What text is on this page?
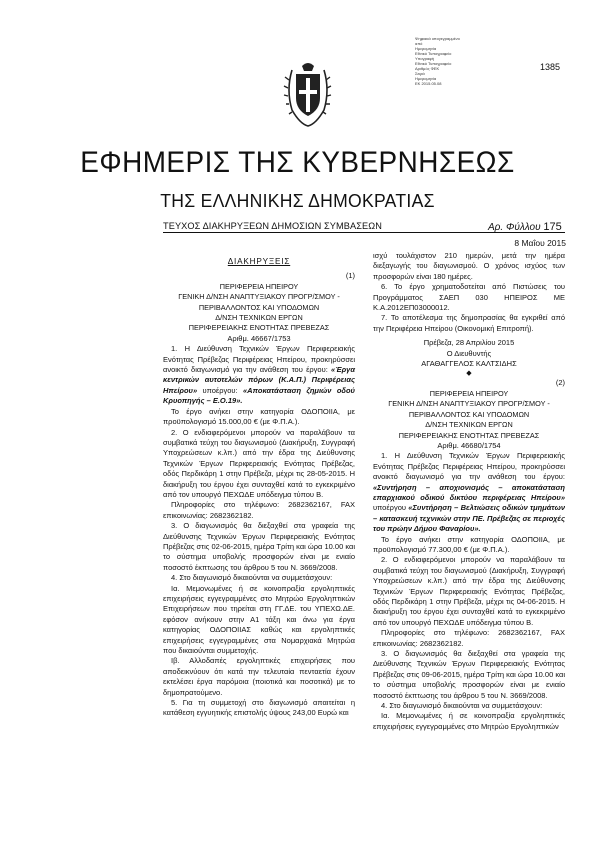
Ψηφιακά υπογεγραμμένο
από
Ημερομηνία
Εθνικό Τυπογραφείο
Υπογραφή
Εθνικό Τυπογραφείο
Αριθμός ΦΕΚ
Σειρά
Ημερομηνία
ΕΚ 2015.05.08
1385
ΕΦΗΜΕΡΙΣ ΤΗΣ ΚΥΒΕΡΝΗΣΕΩΣ
ΤΗΣ ΕΛΛΗΝΙΚΗΣ ΔΗΜΟΚΡΑΤΙΑΣ
ΤΕΥΧΟΣ ΔΙΑΚΗΡΥΞΕΩΝ ΔΗΜΟΣΙΩΝ ΣΥΜΒΑΣΕΩΝ	Αρ. Φύλλου 175
8 Μαΐου 2015

ΔΙΑΚΗΡΥΞΕΙΣ

(1)

ΠΕΡΙΦΕΡΕΙΑ ΗΠΕΙΡΟΥ

ΓΕΝΙΚΗ Δ/ΝΣΗ ΑΝΑΠΤΥΞΙΑΚΟΥ ΠΡΟΓΡ/ΣΜΟΥ -

ΠΕΡΙΒΑΛΛΟΝΤΟΣ ΚΑΙ ΥΠΟΔΟΜΩΝ

Δ/ΝΣΗ ΤΕΧΝΙΚΩΝ ΕΡΓΩΝ

ΠΕΡΙΦΕΡΕΙΑΚΗΣ ΕΝΟΤΗΤΑΣ ΠΡΕΒΕΖΑΣ

Αριθμ. 46667/1753

1. Η Διεύθυνση Τεχνικών Έργων Περιφερειακής Ενότητας Πρέβεζας Περιφέρειας Ηπείρου, προκηρύσσει ανοικτό διαγωνισμό για την ανάθεση του έργου: «Έργα κεντρικών αυτοτελών πόρων (Κ.Α.Π.) Περιφέρειας Ηπείρου» υποέργου: «Αποκατάσταση ζημιών οδού Κρυοπηγής – Ε.Ο.19».

Το έργο ανήκει στην κατηγορία ΟΔΟΠΟΙΙΑ, με προϋπολογισμό 15.000,00 € (με Φ.Π.Α.).

2. Ο ενδιαφερόμενοι μπορούν να παραλάβουν τα συμβατικά τεύχη του διαγωνισμού (Διακήρυξη, Συγγραφή Υποχρεώσεων κ.λπ.) από την έδρα της Διεύθυνσης Τεχνικών Έργων Περιφερειακής Ενότητας Πρέβεζας, οδός Περδικάρη 1 στην Πρέβεζα, μέχρι τις 28-05-2015. Η διακήρυξη του έργου έχει συνταχθεί κατά το εγκεκριμένο από τον υπουργό ΠΕΧΩΔΕ υπόδειγμα τύπου Β.

Πληροφορίες στο τηλέφωνο: 2682362167, FAX επικοινωνίας: 2682362182.

3. Ο διαγωνισμός θα διεξαχθεί στα γραφεία της Διεύθυνσης Τεχνικών Έργων Περιφερειακής Ενότητας Πρέβεζας στις 02-06-2015, ημέρα Τρίτη και ώρα 10.00 και το σύστημα υποβολής προσφορών είναι με ενιαίο ποσοστό έκπτωσης του άρθρου 5 του Ν. 3669/2008.

4. Στο διαγωνισμό δικαιούνται να συμμετάσχουν:

Ια. Μεμονωμένες ή σε κοινοπραξία εργοληπτικές επιχειρήσεις εγγεγραμμένες στο Μητρώο Εργοληπτικών Επιχειρήσεων που τηρείται στη ΓΓ.ΔΕ. του ΥΠΕΧΩ.ΔΕ. εφόσον ανήκουν στην Α1 τάξη και άνω για έργα κατηγορίας ΟΔΟΠΟΙΙΑΣ καθώς και εργοληπτικές επιχειρήσεις εγγεγραμμένες στα Νομαρχιακά Μητρώα που δικαιούνται συμμετοχής.

Ιβ. Αλλοδαπές εργοληπτικές επιχειρήσεις που αποδεικνύουν ότι κατά την τελευταία πενταετία έχουν εκτελέσει έργα παρόμοια (ποιοτικά και ποσοτικά) με το δημοπρατούμενο.

5. Για τη συμμετοχή στο διαγωνισμό απαιτείται η κατάθεση εγγυητικής επιστολής ύψους 243,00 Ευρώ και

ισχύ τουλάχιστον 210 ημερών, μετά την ημέρα διεξαγωγής του διαγωνισμού. Ο χρόνος ισχύος των προσφορών είναι 180 ημέρες.

6. Το έργο χρηματοδοτείται από Πιστώσεις του Προγράμματος ΣΑΕΠ 030 ΗΠΕΙΡΟΣ ΜΕ Κ.Α.2012ΕΠ03000012.

7. Το αποτέλεσμα της δημοπρασίας θα εγκριθεί από την Περιφέρεια Ηπείρου (Οικονομική Επιτροπή).

Πρέβεζα, 28 Απριλίου 2015

Ο Διευθυντής

ΑΓΑΘΑΓΓΕΛΟΣ ΚΑΛΤΣΙΔΗΣ

◆

(2)

ΠΕΡΙΦΕΡΕΙΑ ΗΠΕΙΡΟΥ

ΓΕΝΙΚΗ Δ/ΝΣΗ ΑΝΑΠΤΥΞΙΑΚΟΥ ΠΡΟΓΡ/ΣΜΟΥ -

ΠΕΡΙΒΑΛΛΟΝΤΟΣ ΚΑΙ ΥΠΟΔΟΜΩΝ

Δ/ΝΣΗ ΤΕΧΝΙΚΩΝ ΕΡΓΩΝ

ΠΕΡΙΦΕΡΕΙΑΚΗΣ ΕΝΟΤΗΤΑΣ ΠΡΕΒΕΖΑΣ

Αριθμ. 46680/1754

1. Η Διεύθυνση Τεχνικών Έργων Περιφερειακής Ενότητας Πρέβεζας Περιφέρειας Ηπείρου, προκηρύσσει ανοικτό διαγωνισμό για την ανάθεση του έργου: «Συντήρηση – αποχιονισμός – αποκατάσταση επαρχιακού οδικού δικτύου περιφέρειας Ηπείρου» υποέργου «Συντήρηση – Βελτιώσεις οδικών τμημάτων – κατασκευή τεχνικών στην ΠΕ. Πρέβεζας σε περιοχές του πρώην Δήμου Φαναρίου».

Το έργο ανήκει στην κατηγορία ΟΔΟΠΟΙΙΑ, με προϋπολογισμό 77.300,00 € (με Φ.Π.Α.).

2. Ο ενδιαφερόμενοι μπορούν να παραλάβουν τα συμβατικά τεύχη του διαγωνισμού (Διακήρυξη, Συγγραφή Υποχρεώσεων κ.λπ.) από την έδρα της Διεύθυνσης Τεχνικών Έργων Περιφερειακής Ενότητας Πρέβεζας, οδός Περδικάρη 1 στην Πρέβεζα, μέχρι τις 04-06-2015. Η διακήρυξη του έργου έχει συνταχθεί κατά το εγκεκριμένο από τον υπουργό ΠΕΧΩΔΕ υπόδειγμα τύπου Β.

Πληροφορίες στο τηλέφωνο: 2682362167, FAX επικοινωνίας: 2682362182.

3. Ο διαγωνισμός θα διεξαχθεί στα γραφεία της Διεύθυνσης Τεχνικών Έργων Περιφερειακής Ενότητας Πρέβεζας στις 09-06-2015, ημέρα Τρίτη και ώρα 10.00 και το σύστημα υποβολής προσφορών είναι με ενιαίο ποσοστό έκπτωσης του άρθρου 5 του Ν. 3669/2008.

4. Στο διαγωνισμό δικαιούνται να συμμετάσχουν:

Ια. Μεμονωμένες ή σε κοινοπραξία εργοληπτικές επιχειρήσεις εγγεγραμμένες στο Μητρώο Εργοληπτικών
